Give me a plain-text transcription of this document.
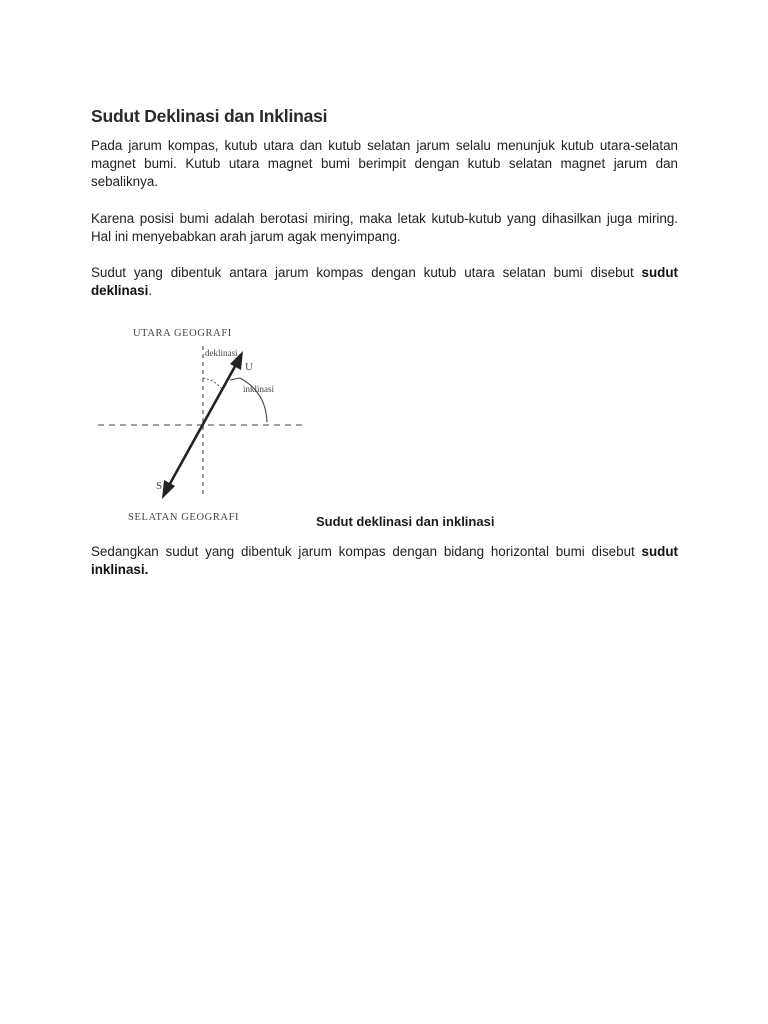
Sudut Deklinasi dan Inklinasi

Pada jarum kompas, kutub utara dan kutub selatan jarum selalu menunjuk kutub utara-selatan magnet bumi. Kutub utara magnet bumi berimpit dengan kutub selatan magnet jarum dan sebaliknya.

Karena posisi bumi adalah berotasi miring, maka letak kutub-kutub yang dihasilkan juga miring. Hal ini menyebabkan arah jarum agak menyimpang.

Sudut yang dibentuk antara jarum kompas dengan kutub utara selatan bumi disebut sudut deklinasi.

UTARA GEOGRAFI
deklinasi
inklinasi
U
S
SELATAN GEOGRAFI	Sudut deklinasi dan inklinasi

Sedangkan sudut yang dibentuk jarum kompas dengan bidang horizontal bumi disebut sudut inklinasi.
